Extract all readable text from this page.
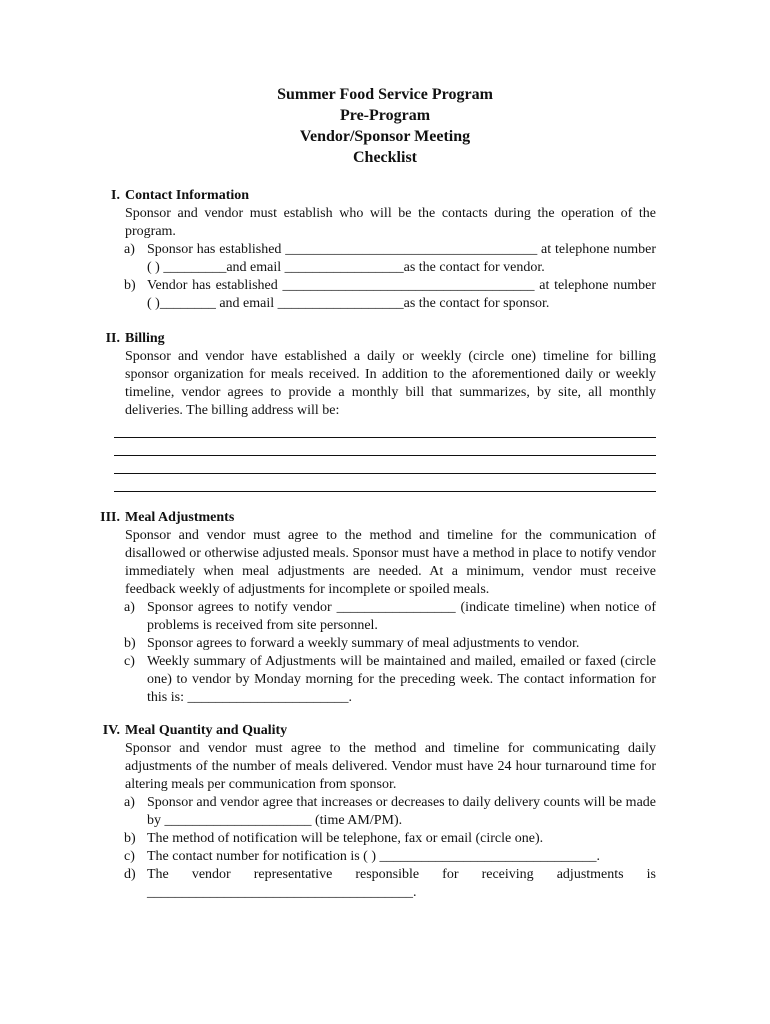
Summer Food Service Program
Pre-Program
Vendor/Sponsor Meeting
Checklist
I. Contact Information
Sponsor and vendor must establish who will be the contacts during the operation of the program.
a) Sponsor has established ____________________________________ at telephone number ( ) _________and email _________________as the contact for vendor.
b) Vendor has established ____________________________________ at telephone number ( )________ and email __________________as the contact for sponsor.
II. Billing
Sponsor and vendor have established a daily or weekly (circle one) timeline for billing sponsor organization for meals received. In addition to the aforementioned daily or weekly timeline, vendor agrees to provide a monthly bill that summarizes, by site, all monthly deliveries. The billing address will be:
III. Meal Adjustments
Sponsor and vendor must agree to the method and timeline for the communication of disallowed or otherwise adjusted meals. Sponsor must have a method in place to notify vendor immediately when meal adjustments are needed. At a minimum, vendor must receive feedback weekly of adjustments for incomplete or spoiled meals.
a) Sponsor agrees to notify vendor _________________ (indicate timeline) when notice of problems is received from site personnel.
b) Sponsor agrees to forward a weekly summary of meal adjustments to vendor.
c) Weekly summary of Adjustments will be maintained and mailed, emailed or faxed (circle one) to vendor by Monday morning for the preceding week. The contact information for this is: _______________________.
IV. Meal Quantity and Quality
Sponsor and vendor must agree to the method and timeline for communicating daily adjustments of the number of meals delivered. Vendor must have 24 hour turnaround time for altering meals per communication from sponsor.
a) Sponsor and vendor agree that increases or decreases to daily delivery counts will be made by _____________________ (time AM/PM).
b) The method of notification will be telephone, fax or email (circle one).
c) The contact number for notification is ( ) _______________________________.
d) The vendor representative responsible for receiving adjustments is ______________________________________.
